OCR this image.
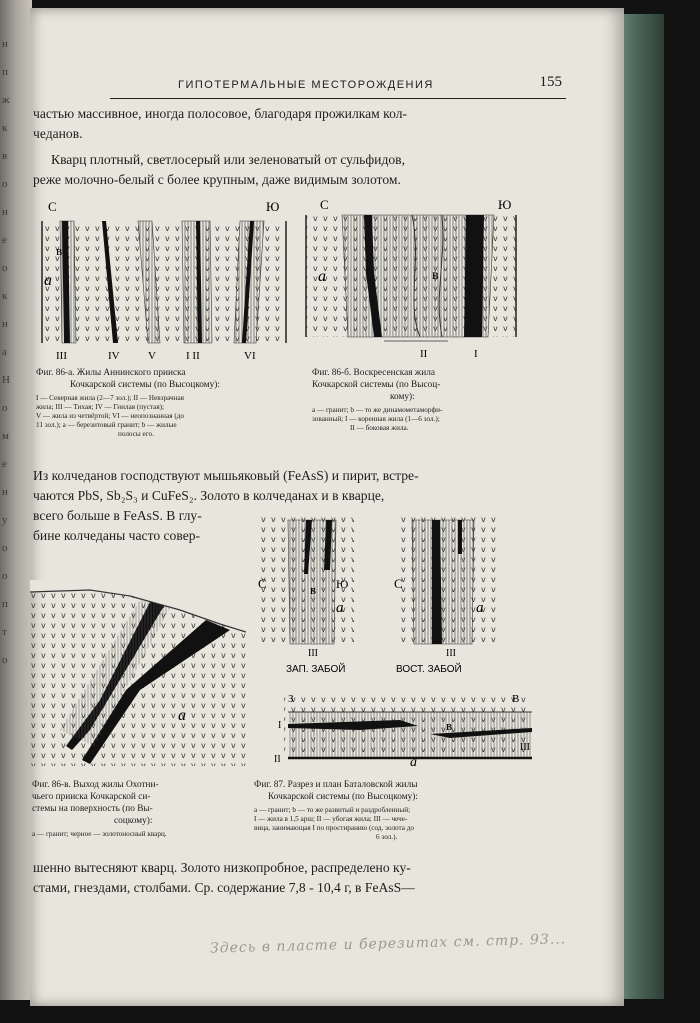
н
п
ж
к
в
о
н
е
о
к
н
а
Н
о
м
е
н
у
о
о
п
т
о
ГИПОТЕРМАЛЬНЫЕ МЕСТОРОЖДЕНИЯ	155
частью массивное, иногда полосовое, благодаря прожилкам кол-
чеданов.
Кварц плотный, светлосерый или зеленоватый от сульфидов,
реже молочно-белый с более крупным, даже видимым золотом.
С	Ю
а
в
III	IV	V	I II	VI
Фиг. 86-а. Жилы Аннинского прииска
Кочкарской системы (по Высоцкому):
I — Северная жила (2—7 зол.); II — Невзрачная
жила; III — Тихая; IV — Гнилая (пустая);
V — жила из четвёртой; VI — неопознанная (до
11 зол.); а — березитовый гранит; b — жилые
полосы его.
С	Ю
а	в
II	I
Фиг. 86-б. Воскресенская жила
Кочкарской системы (по Высоц-
кому):
а — гранит; b — то же динамометаморфи-
зованный; I — коренная жила (1—6 зол.);
II — боковая жила.
Из колчеданов господствуют мышьяковый (FeAsS) и пирит, встре-
чаются PbS, Sb₂S₃ и CuFeS₂. Золото в колчеданах и в кварце,
всего больше в FeAsS. В глу-
бине колчеданы часто совер-
а
Фиг. 86-в. Выход жилы Охотни-
чьего прииска Кочкарской си-
стемы на поверхность (по Вы-
соцкому):
а — гранит; черное — золотоносный кварц.
С	Ю
в
а
С
а
III	III
ЗАП. ЗАБОЙ	ВОСТ. ЗАБОЙ
З	В
в
а
I
II
III
Фиг. 87. Разрез и план Баталовской жилы
Кочкарской системы (по Высоцкому):
а — гранит; b — то же развитый и раздробленный;
I — жила в 1,5 арш; II — убогая жила; III — чече-
вица, занимающая I по простиранию (сод. золота до
6 зол.).
шенно вытесняют кварц. Золото низкопробное, распределено ку-
стами, гнездами, столбами. Ср. содержание 7,8 - 10,4 г, в FeAsS—
Здесь в пласте и березитах см. стр. 93...
